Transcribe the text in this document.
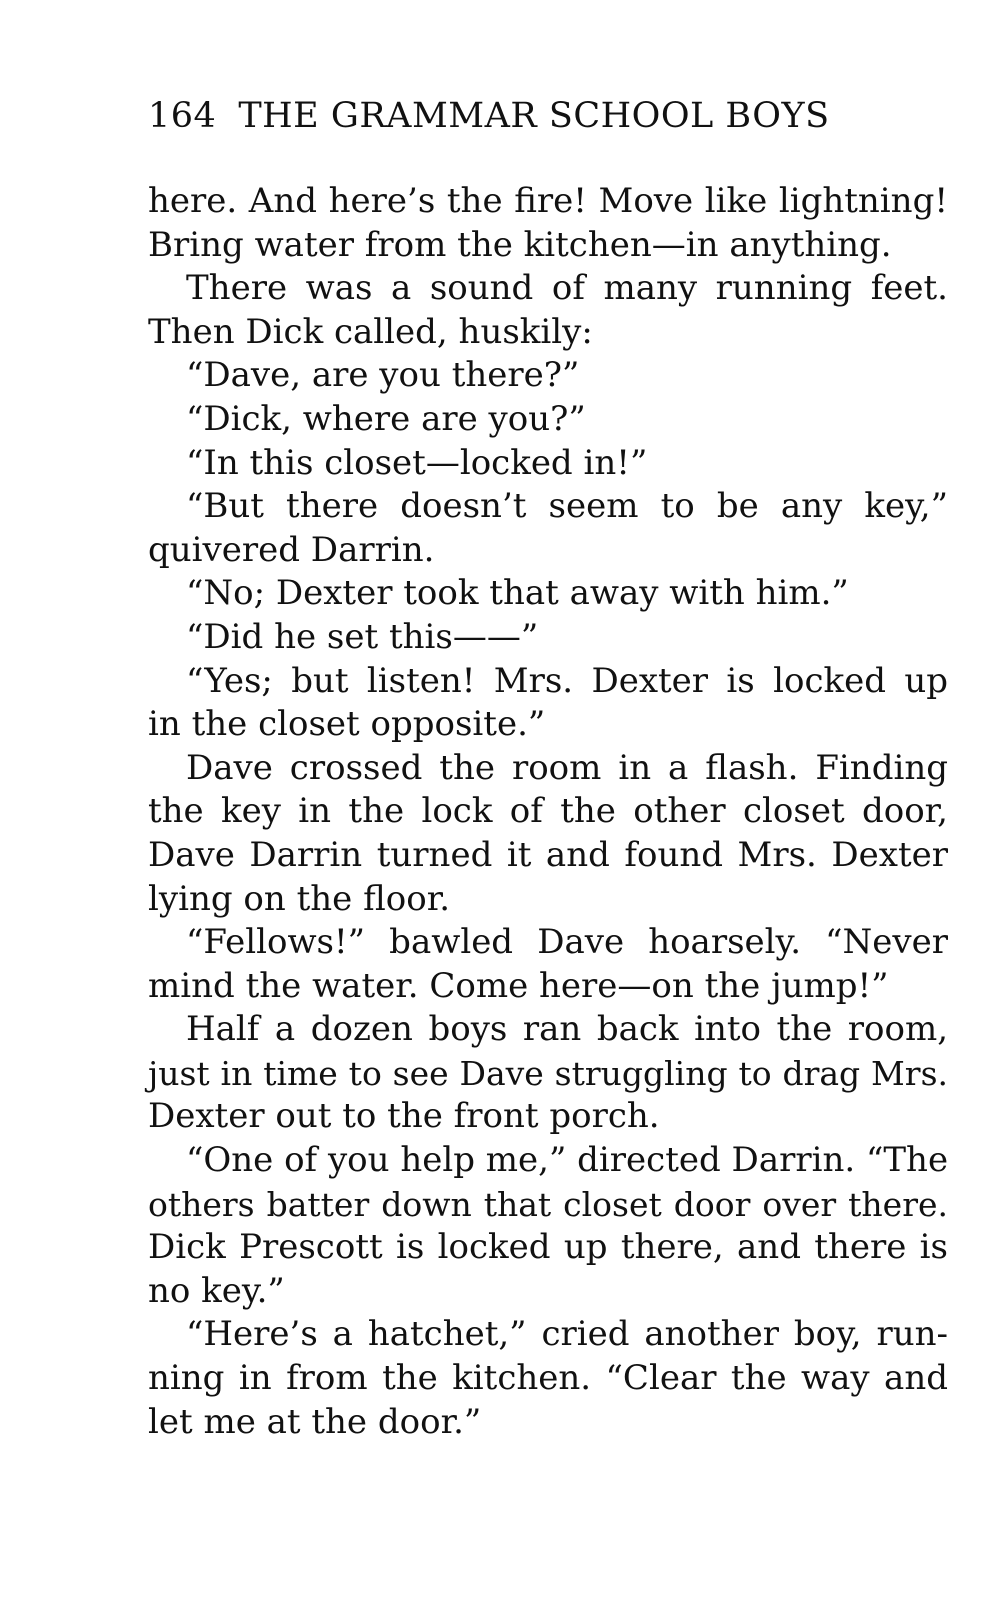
164 THE GRAMMAR SCHOOL BOYS
here. And here’s the fire! Move like lightning!
Bring water from the kitchen—in anything.
There was a sound of many running feet.
Then Dick called, huskily:
“Dave, are you there?”
“Dick, where are you?”
“In this closet—locked in!”
“But there doesn’t seem to be any key,”
quivered Darrin.
“No; Dexter took that away with him.”
“Did he set this——”
“Yes; but listen! Mrs. Dexter is locked up
in the closet opposite.”
Dave crossed the room in a flash. Finding
the key in the lock of the other closet door,
Dave Darrin turned it and found Mrs. Dexter
lying on the floor.
“Fellows!” bawled Dave hoarsely. “Never
mind the water. Come here—on the jump!”
Half a dozen boys ran back into the room,
just in time to see Dave struggling to drag Mrs.
Dexter out to the front porch.
“One of you help me,” directed Darrin. “The
others batter down that closet door over there.
Dick Prescott is locked up there, and there is
no key.”
“Here’s a hatchet,” cried another boy, run-
ning in from the kitchen. “Clear the way and
let me at the door.”
